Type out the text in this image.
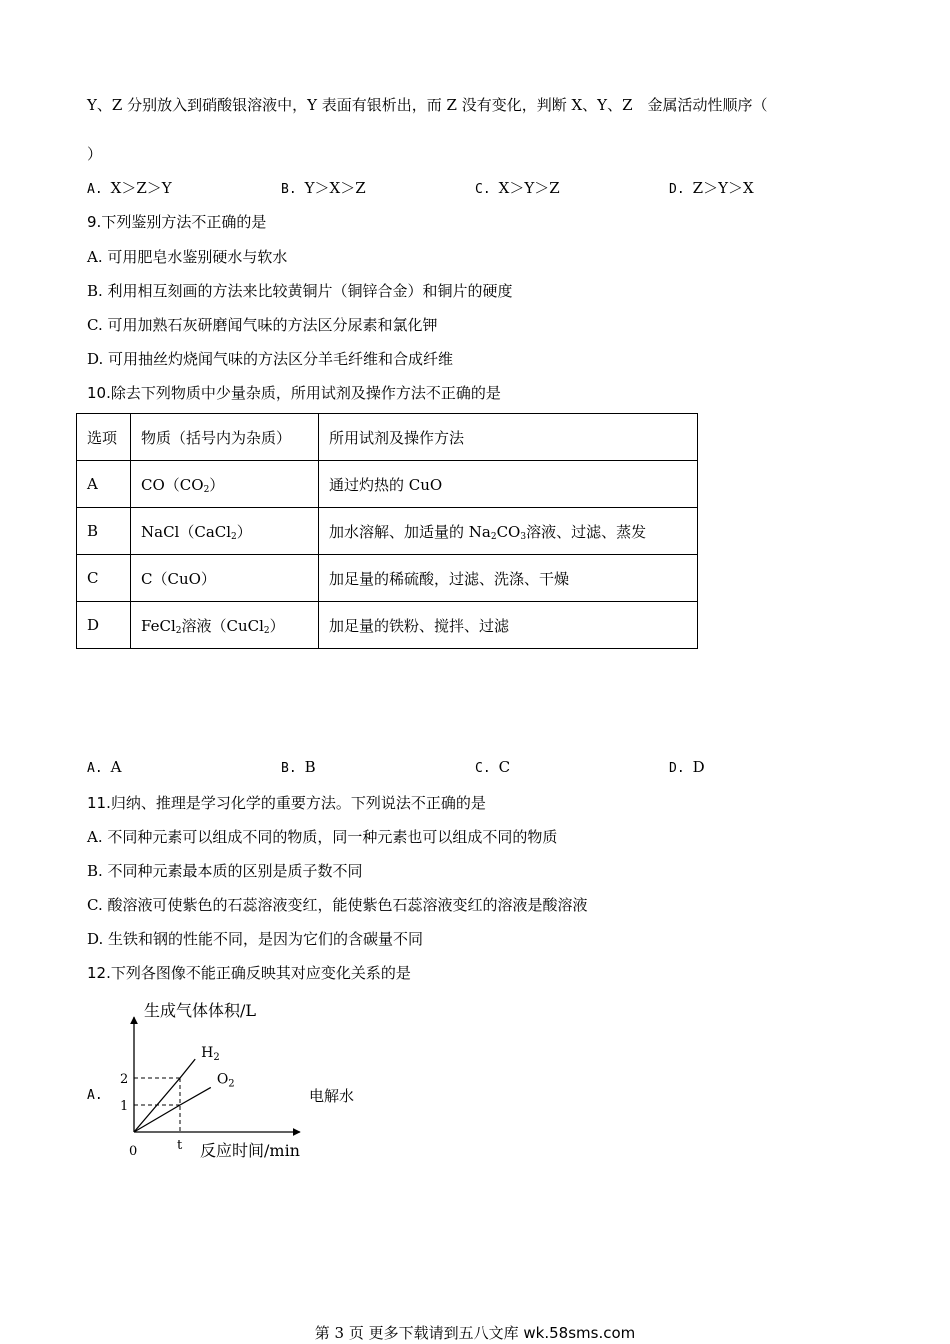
Y、Z 分别放入到硝酸银溶液中，Y 表面有银析出，而 Z 没有变化，判断 X、Y、Z　金属活动性顺序（
）
A. X＞Z＞Y	B. Y＞X＞Z	C. X＞Y＞Z	D. Z＞Y＞X
9.下列鉴别方法不正确的是
A. 可用肥皂水鉴别硬水与软水
B. 利用相互刻画的方法来比较黄铜片（铜锌合金）和铜片的硬度
C. 可用加熟石灰研磨闻气味的方法区分尿素和氯化钾
D. 可用抽丝灼烧闻气味的方法区分羊毛纤维和合成纤维
10.除去下列物质中少量杂质，所用试剂及操作方法不正确的是
选项	物质（括号内为杂质）	所用试剂及操作方法
A	$CO(CO_2)$	通过灼热的 CuO
B	NaCl（CaCl$_2$）	加水溶解、加适量的 $Na_2CO_3$溶液、过滤、蒸发
C	C（CuO）	加足量的稀硫酸，过滤、洗涤、干燥
D	FeCl$_2$溶液（CuCl$_2$）	加足量的铁粉、搅拌、过滤
A. A	B. B	C. C	D. D
11.归纳、推理是学习化学的重要方法。下列说法不正确的是
A. 不同种元素可以组成不同的物质，同一种元素也可以组成不同的物质
B. 不同种元素最本质的区别是质子数不同
C. 酸溶液可使紫色的石蕊溶液变红，能使紫色石蕊溶液变红的溶液是酸溶液
D. 生铁和钢的性能不同，是因为它们的含碳量不同
12.下列各图像不能正确反映其对应变化关系的是
A.	电解水
1
2
t
$H_2$
$O_2$
生成气体体积/L
反应时间/min
0
第 3 页 更多下载请到五八文库 wk.58sms.com
